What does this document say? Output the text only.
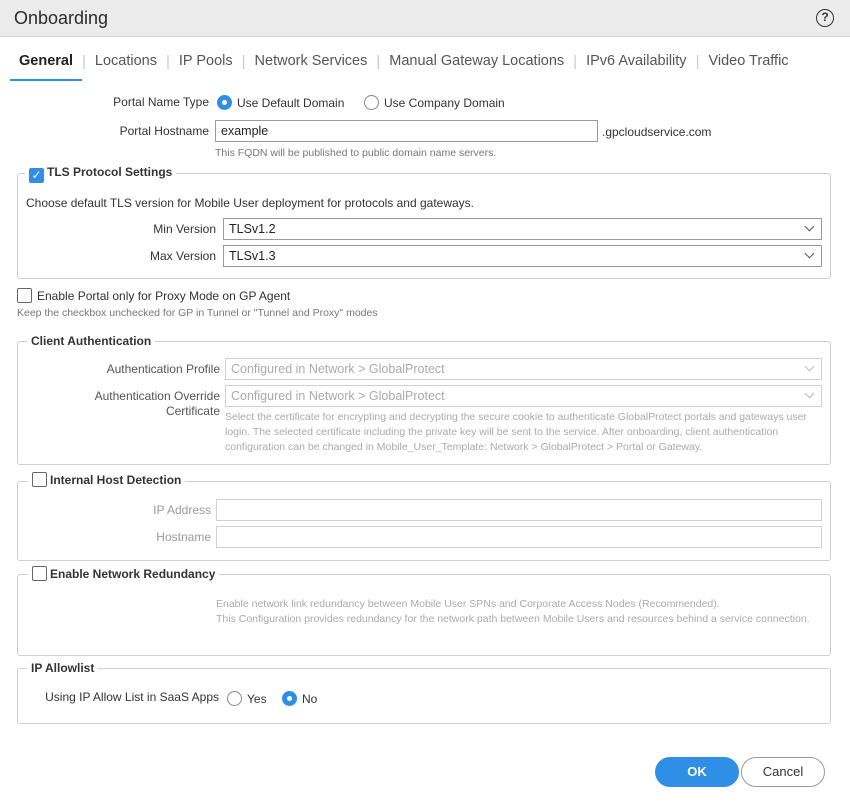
Onboarding	?
General | Locations | IP Pools | Network Services | Manual Gateway Locations | IPv6 Availability | Video Traffic
Portal Name Type Use Default Domain	Use Company Domain
Portal Hostname example	.gpcloudservice.com
This FQDN will be published to public domain name servers.
✓ TLS Protocol Settings
Choose default TLS version for Mobile User deployment for protocols and gateways.
Min Version	TLSv1.2
Max Version	TLSv1.3
Enable Portal only for Proxy Mode on GP Agent
Keep the checkbox unchecked for GP in Tunnel or "Tunnel and Proxy" modes
Client Authentication
Authentication Profile Configured in Network > GlobalProtect
Authentication Override
Certificate
Configured in Network > GlobalProtect
Select the certificate for encrypting and decrypting the secure cookie to authenticate GlobalProtect portals and gateways user login. The selected certificate including the private key will be sent to the service. After onboarding, client authentication configuration can be changed in Mobile_User_Template: Network > GlobalProtect > Portal or Gateway.
Internal Host Detection
IP Address
Hostname
Enable Network Redundancy
Enable network link redundancy between Mobile User SPNs and Corporate Access Nodes (Recommended).
This Configuration provides redundancy for the network path between Mobile Users and resources behind a service connection.
IP Allowlist
Using IP Allow List in SaaS Apps Yes	No
OK	Cancel
